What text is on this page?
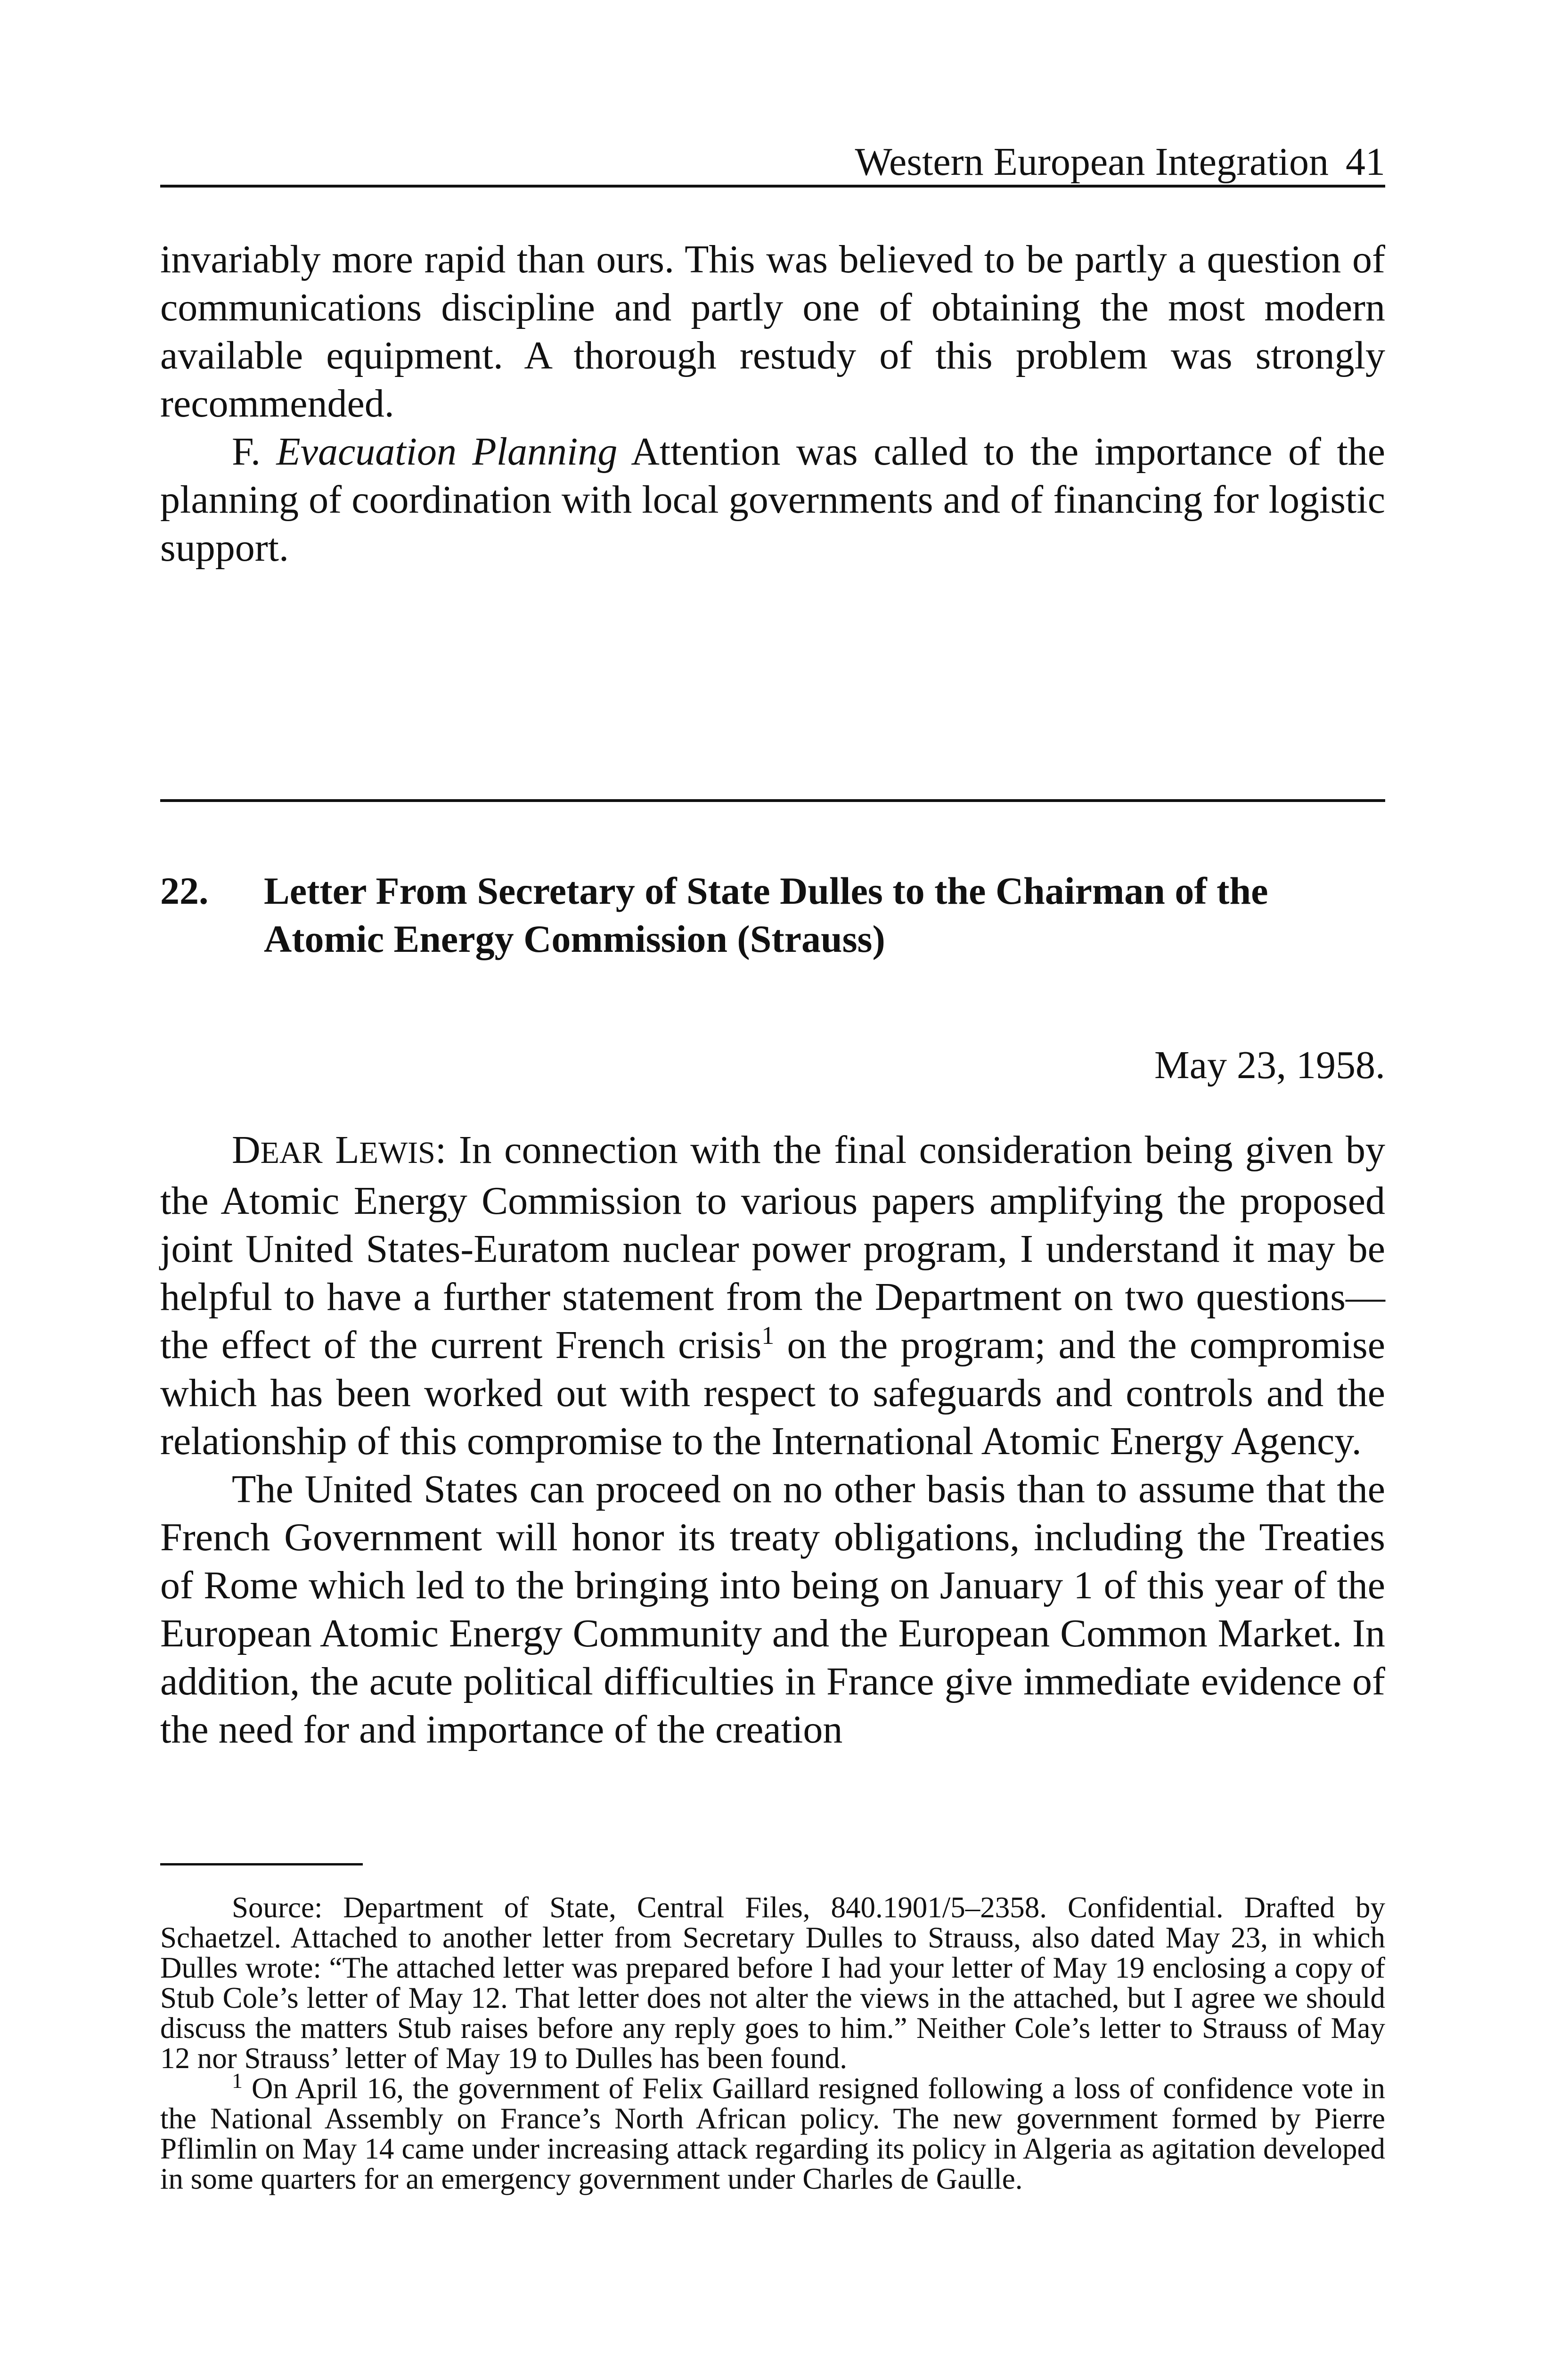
Western European Integration 41

invariably more rapid than ours. This was believed to be partly a question of communications discipline and partly one of obtaining the most modern available equipment. A thorough restudy of this problem was strongly recommended.

F. Evacuation Planning Attention was called to the importance of the planning of coordination with local governments and of financing for logistic support.

22.	Letter From Secretary of State Dulles to the Chairman of the Atomic Energy Commission (Strauss)
May 23, 1958.

DEAR LEWIS: In connection with the final consideration being given by the Atomic Energy Commission to various papers amplifying the proposed joint United States-Euratom nuclear power program, I understand it may be helpful to have a further statement from the Department on two questions—the effect of the current French crisis$^1$ on the program; and the compromise which has been worked out with respect to safeguards and controls and the relationship of this compromise to the International Atomic Energy Agency.

The United States can proceed on no other basis than to assume that the French Government will honor its treaty obligations, including the Treaties of Rome which led to the bringing into being on January 1 of this year of the European Atomic Energy Community and the European Common Market. In addition, the acute political difficulties in France give immediate evidence of the need for and importance of the creation

Source: Department of State, Central Files, 840.1901/5–2358. Confidential. Drafted by Schaetzel. Attached to another letter from Secretary Dulles to Strauss, also dated May 23, in which Dulles wrote: “The attached letter was prepared before I had your letter of May 19 enclosing a copy of Stub Cole’s letter of May 12. That letter does not alter the views in the attached, but I agree we should discuss the matters Stub raises before any reply goes to him.” Neither Cole’s letter to Strauss of May 12 nor Strauss’ letter of May 19 to Dulles has been found.

$^1$ On April 16, the government of Felix Gaillard resigned following a loss of confidence vote in the National Assembly on France’s North African policy. The new government formed by Pierre Pflimlin on May 14 came under increasing attack regarding its policy in Algeria as agitation developed in some quarters for an emergency government under Charles de Gaulle.
